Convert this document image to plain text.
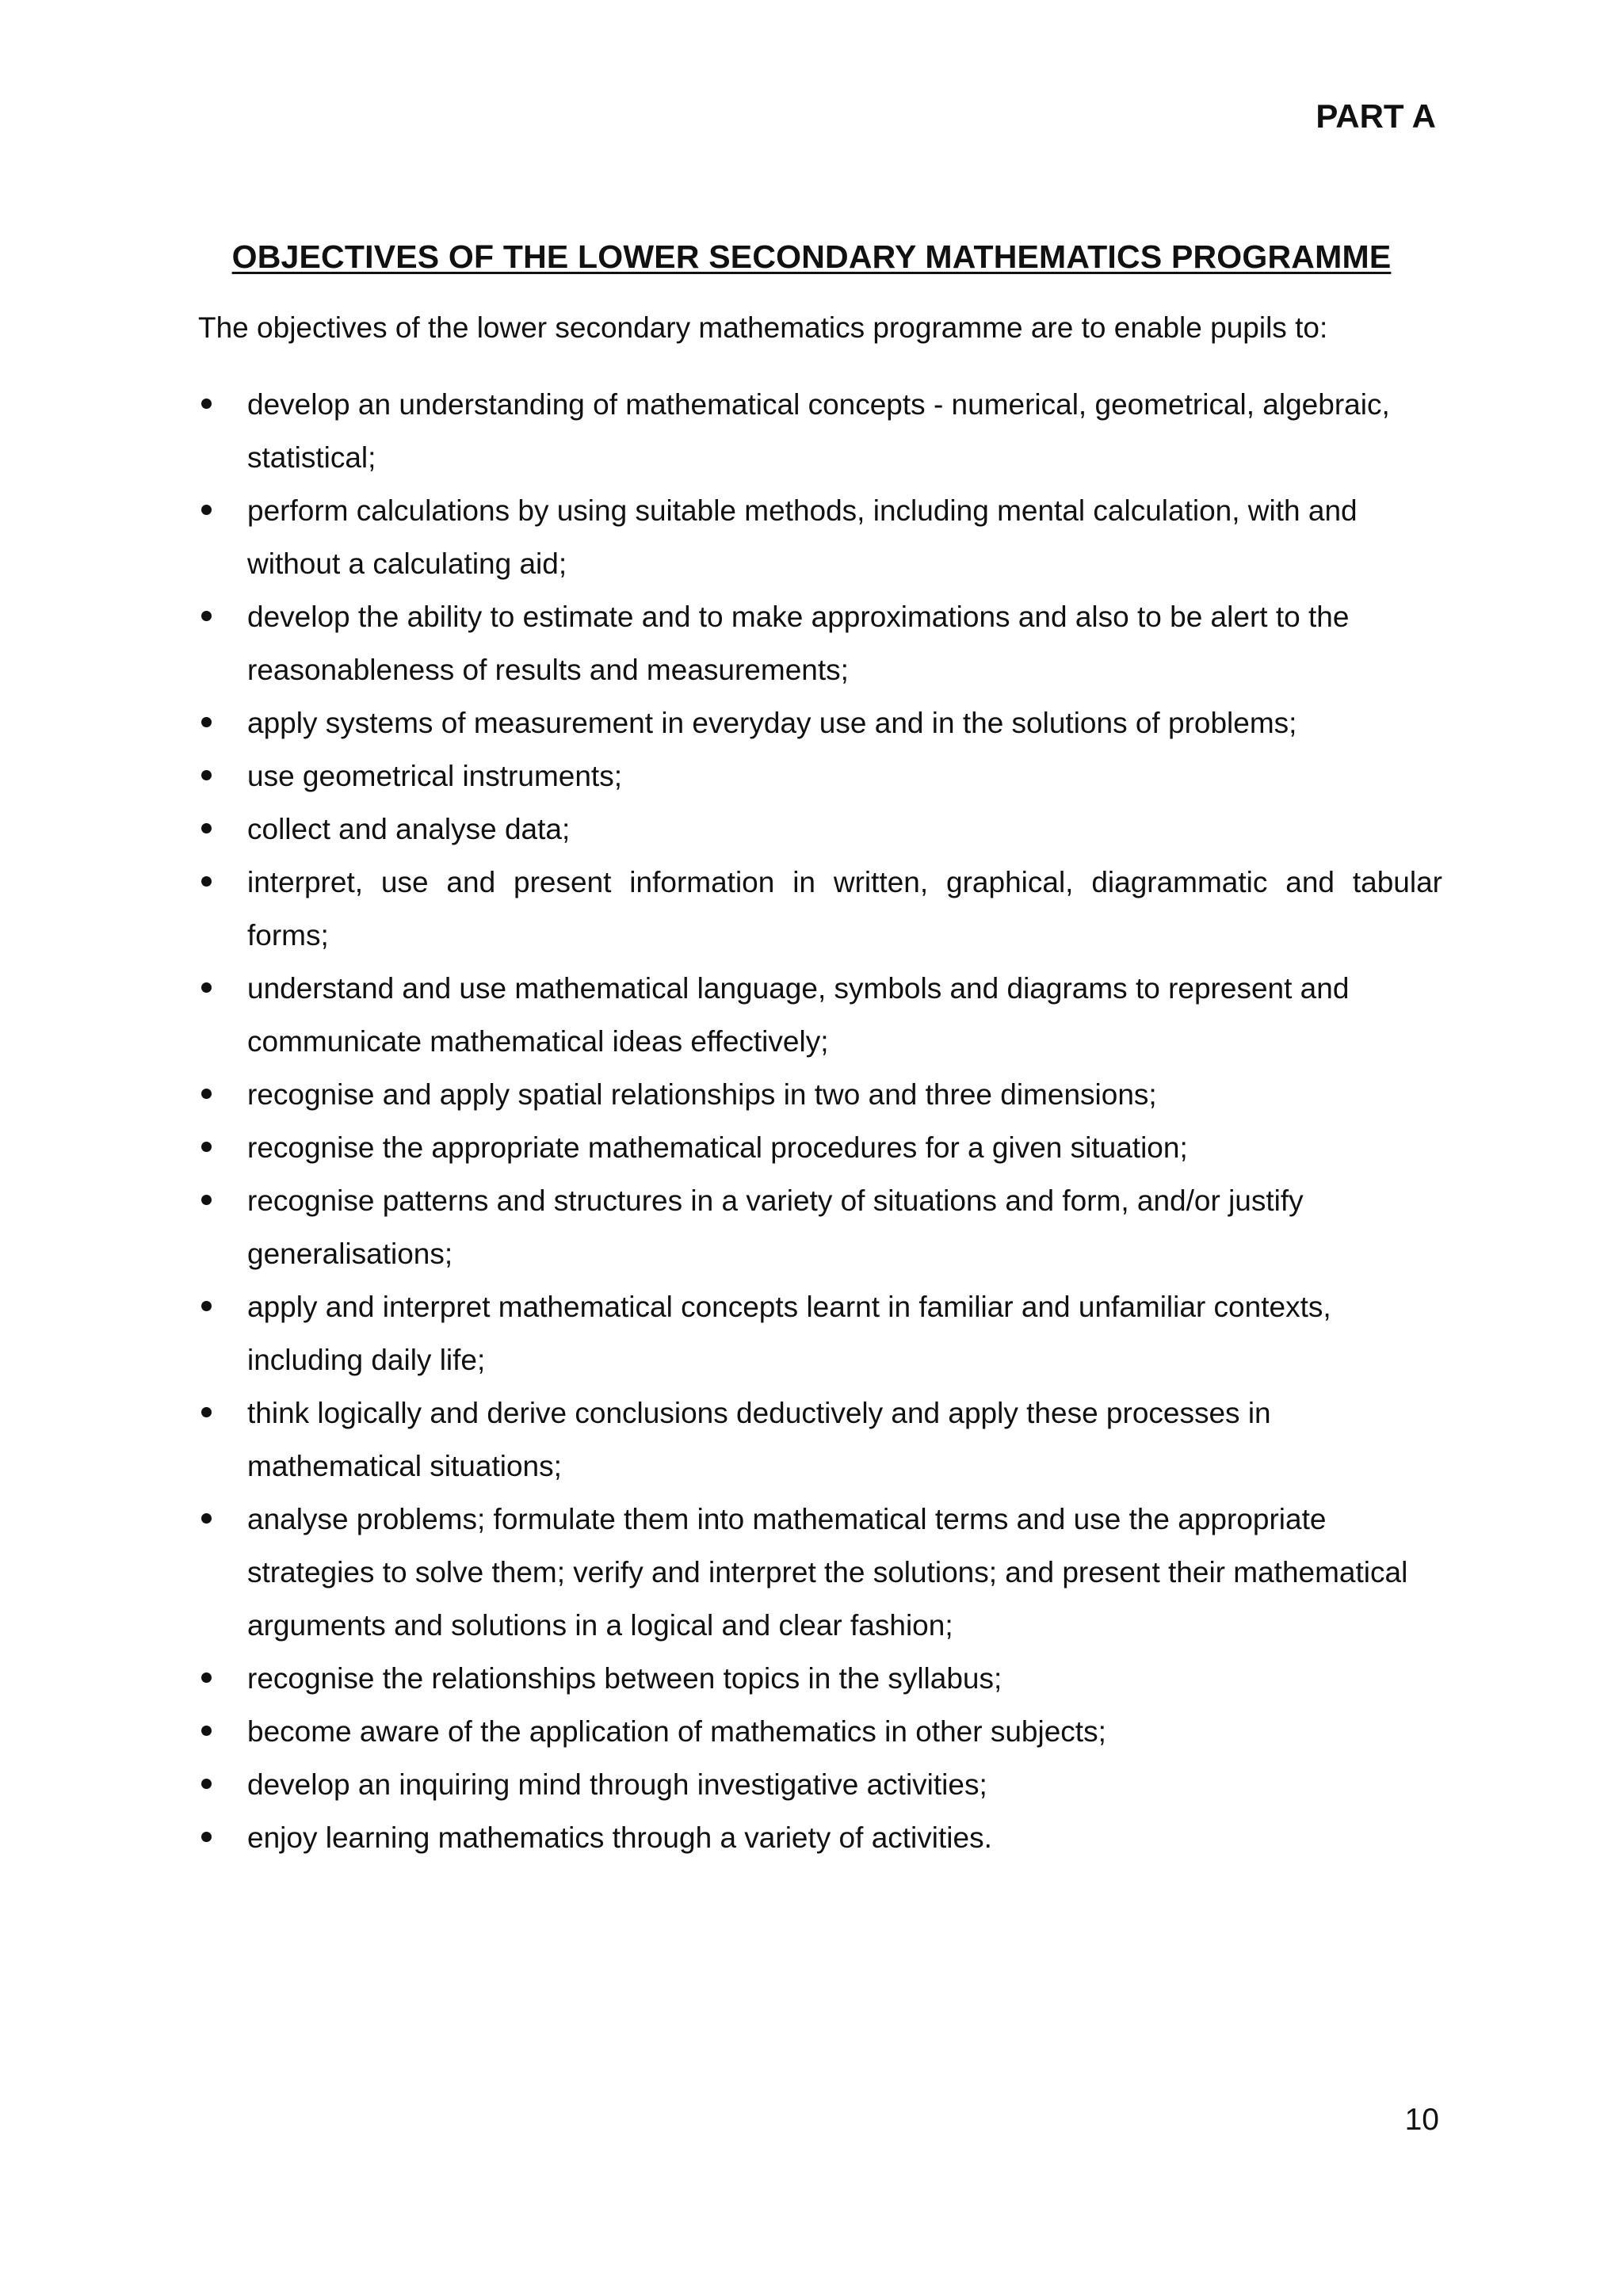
PART A
OBJECTIVES OF THE LOWER SECONDARY MATHEMATICS PROGRAMME
The objectives of the lower secondary mathematics programme are to enable pupils to:
develop an understanding of mathematical concepts - numerical, geometrical, algebraic, statistical;
perform calculations by using suitable methods, including mental calculation, with and without a calculating aid;
develop the ability to estimate and to make approximations and also to be alert to the reasonableness of results and measurements;
apply systems of measurement in everyday use and in the solutions of problems;
use geometrical instruments;
collect and analyse data;
interpret, use and present information in written, graphical, diagrammatic and tabular forms;
understand and use mathematical language, symbols and diagrams to represent and communicate mathematical ideas effectively;
recognise and apply spatial relationships in two and three dimensions;
recognise the appropriate mathematical procedures for a given situation;
recognise patterns and structures in a variety of situations and form, and/or justify generalisations;
apply and interpret mathematical concepts learnt in familiar and unfamiliar contexts, including daily life;
think logically and derive conclusions deductively and apply these processes in mathematical situations;
analyse problems; formulate them into mathematical terms and use the appropriate strategies to solve them; verify and interpret the solutions; and present their mathematical arguments and solutions in a logical and clear fashion;
recognise the relationships between topics in the syllabus;
become aware of the application of mathematics in other subjects;
develop an inquiring mind through investigative activities;
enjoy learning mathematics through a variety of activities.
10
